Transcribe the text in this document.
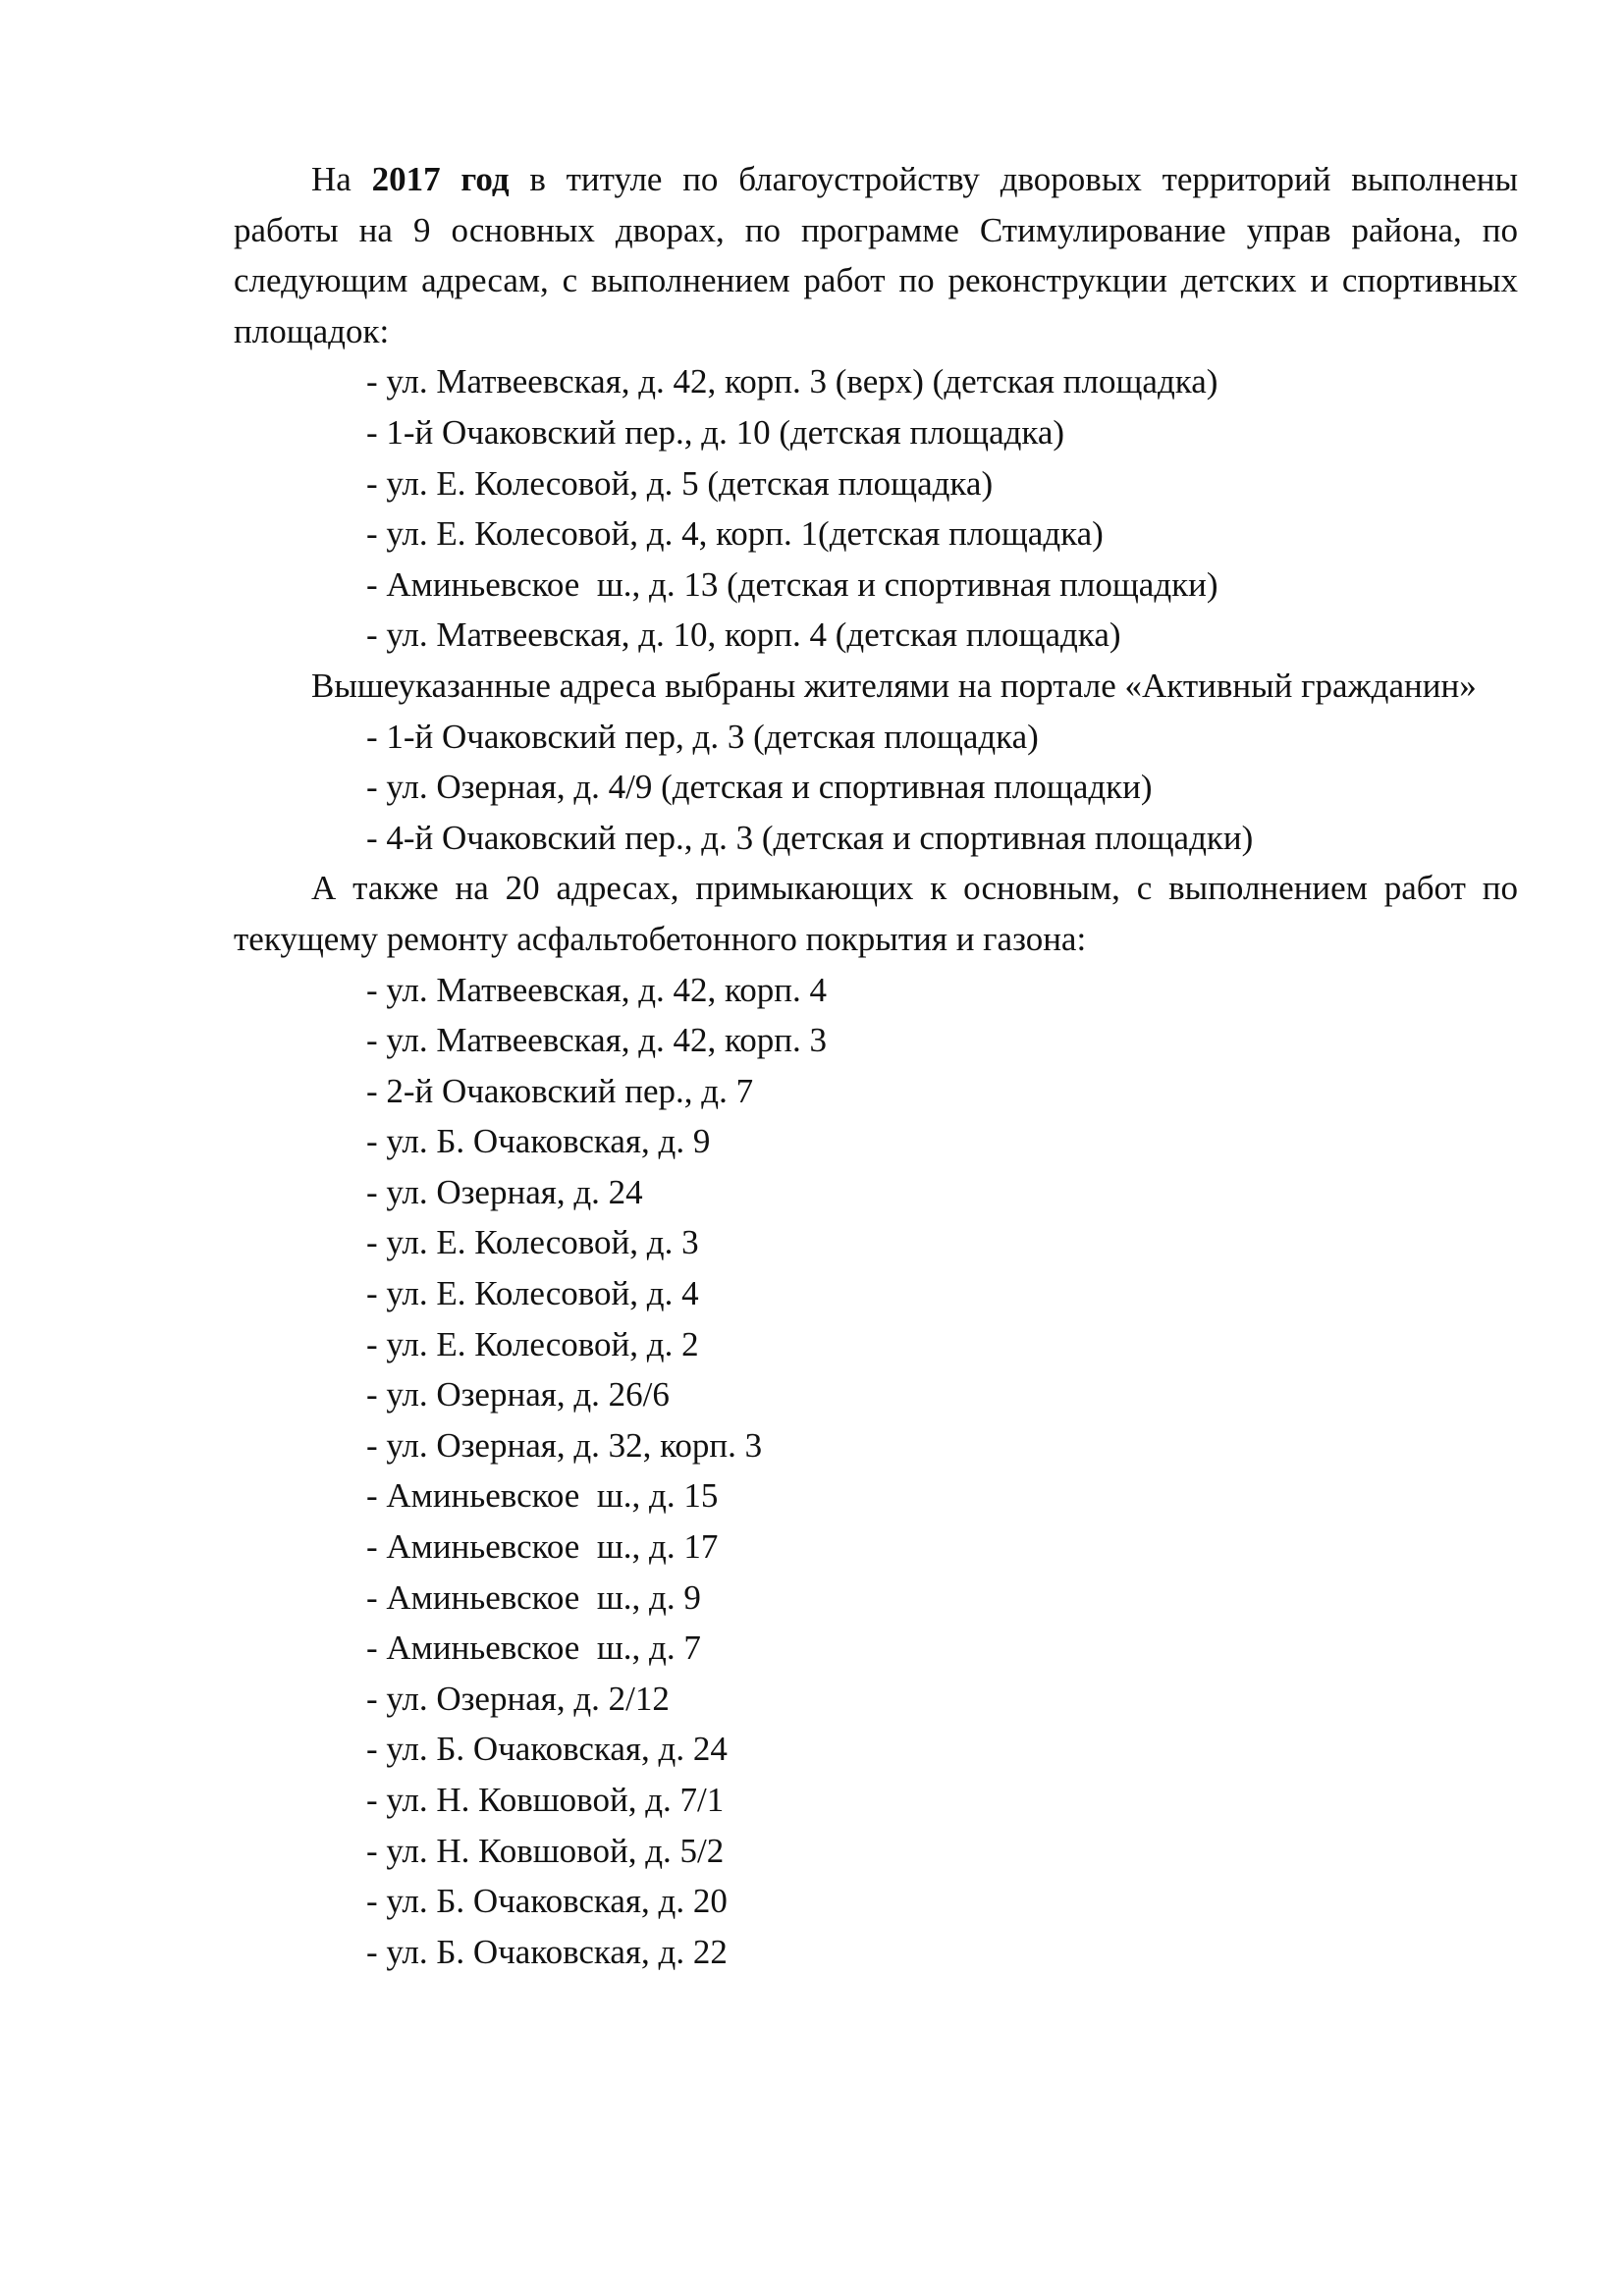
На 2017 год в титуле по благоустройству дворовых территорий выполнены работы на 9 основных дворах, по программе Стимулирование управ района, по следующим адресам, с выполнением работ по реконструкции детских и спортивных площадок:

- ул. Матвеевская, д. 42, корп. 3 (верх) (детская площадка)
- 1-й Очаковский пер., д. 10 (детская площадка)
- ул. Е. Колесовой, д. 5 (детская площадка)
- ул. Е. Колесовой, д. 4, корп. 1(детская площадка)
- Аминьевское  ш., д. 13 (детская и спортивная площадки)
- ул. Матвеевская, д. 10, корп. 4 (детская площадка)

Вышеуказанные адреса выбраны жителями на портале «Активный гражданин»

- 1-й Очаковский пер, д. 3 (детская площадка)
- ул. Озерная, д. 4/9 (детская и спортивная площадки)
- 4-й Очаковский пер., д. 3 (детская и спортивная площадки)

А также на 20 адресах, примыкающих к основным, с выполнением работ по текущему ремонту асфальтобетонного покрытия и газона:

- ул. Матвеевская, д. 42, корп. 4
- ул. Матвеевская, д. 42, корп. 3
- 2-й Очаковский пер., д. 7
- ул. Б. Очаковская, д. 9
- ул. Озерная, д. 24
- ул. Е. Колесовой, д. 3
- ул. Е. Колесовой, д. 4
- ул. Е. Колесовой, д. 2
- ул. Озерная, д. 26/6
- ул. Озерная, д. 32, корп. 3
- Аминьевское  ш., д. 15
- Аминьевское  ш., д. 17
- Аминьевское  ш., д. 9
- Аминьевское  ш., д. 7
- ул. Озерная, д. 2/12
- ул. Б. Очаковская, д. 24
- ул. Н. Ковшовой, д. 7/1
- ул. Н. Ковшовой, д. 5/2
- ул. Б. Очаковская, д. 20
- ул. Б. Очаковская, д. 22
